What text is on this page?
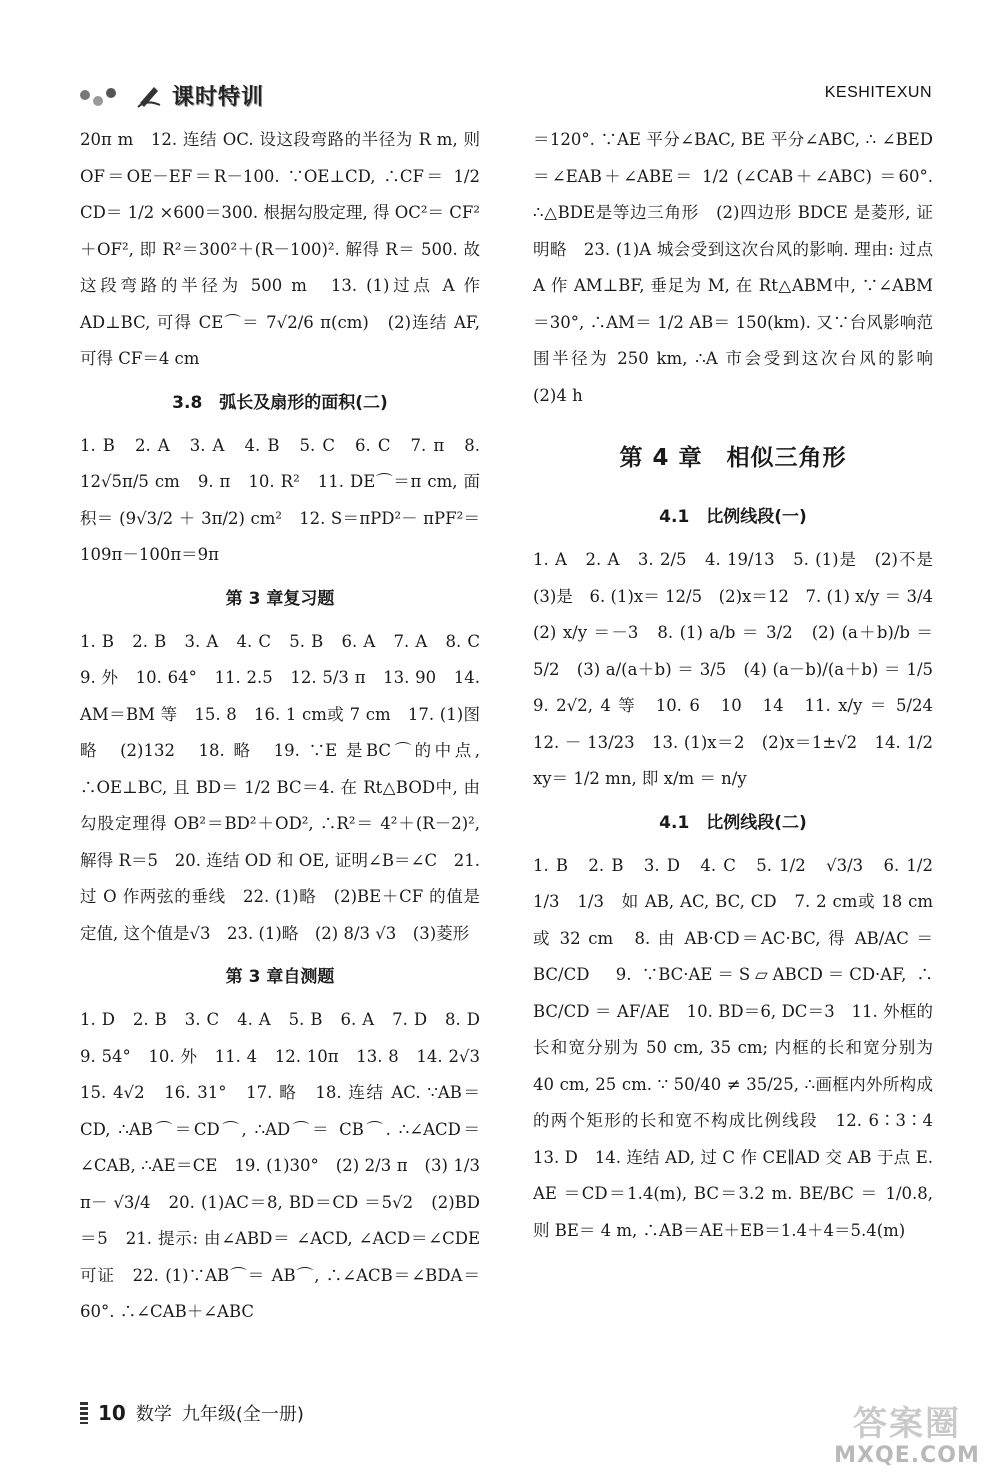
课时特训	KESHITEXUN

20π m　12. 连结 OC. 设这段弯路的半径为 R m, 则 OF＝OE－EF＝R－100. ∵OE⊥CD, ∴CF＝ 1/2 CD＝ 1/2 ×600＝300. 根据勾股定理, 得 OC²＝ CF²＋OF², 即 R²＝300²＋(R－100)². 解得 R＝ 500. 故这段弯路的半径为 500 m　13. (1)过点 A 作 AD⊥BC, 可得 CE⌒＝ 7√2/6 π(cm)　(2)连结 AF, 可得 CF＝4 cm

3.8　弧长及扇形的面积(二)

1. B　2. A　3. A　4. B　5. C　6. C　7. π　8. 12√5π/5 cm　9. π　10. R²　11. DE⌒＝π cm, 面积＝ (9√3/2 ＋ 3π/2) cm²　12. S＝πPD²－ πPF²＝109π－100π＝9π

第 3 章复习题

1. B　2. B　3. A　4. C　5. B　6. A　7. A　8. C　9. 外　10. 64°　11. 2.5　12. 5/3 π　13. 90　14. AM＝BM 等　15. 8　16. 1 cm或 7 cm　17. (1)图略　(2)132　18. 略　19. ∵E 是BC⌒的中点, ∴OE⊥BC, 且 BD＝ 1/2 BC＝4. 在 Rt△BOD中, 由勾股定理得 OB²＝BD²＋OD², ∴R²＝ 4²＋(R－2)², 解得 R＝5　20. 连结 OD 和 OE, 证明∠B＝∠C　21. 过 O 作两弦的垂线　22. (1)略　(2)BE＋CF 的值是定值, 这个值是√3　23. (1)略　(2) 8/3 √3　(3)菱形

第 3 章自测题

1. D　2. B　3. C　4. A　5. B　6. A　7. D　8. D　9. 54°　10. 外　11. 4　12. 10π　13. 8　14. 2√3　15. 4√2　16. 31°　17. 略　18. 连结 AC. ∵AB＝CD, ∴AB⌒＝CD⌒, ∴AD⌒＝ CB⌒. ∴∠ACD＝∠CAB, ∴AE＝CE　19. (1)30°　(2) 2/3 π　(3) 1/3 π－ √3/4　20. (1)AC＝8, BD＝CD ＝5√2　(2)BD＝5　21. 提示: 由∠ABD＝ ∠ACD, ∠ACD＝∠CDE 可证　22. (1)∵AB⌒＝ AB⌒, ∴∠ACB＝∠BDA＝60°. ∴∠CAB＋∠ABC

＝120°. ∵AE 平分∠BAC, BE 平分∠ABC, ∴ ∠BED＝∠EAB＋∠ABE＝ 1/2 (∠CAB＋∠ABC) ＝60°. ∴△BDE是等边三角形　(2)四边形 BDCE 是菱形, 证明略　23. (1)A 城会受到这次台风的影响. 理由: 过点 A 作 AM⊥BF, 垂足为 M, 在 Rt△ABM中, ∵∠ABM＝30°, ∴AM＝ 1/2 AB＝ 150(km). 又∵台风影响范围半径为 250 km, ∴A 市会受到这次台风的影响　(2)4 h

第 4 章　相似三角形
4.1　比例线段(一)

1. A　2. A　3. 2/5　4. 19/13　5. (1)是　(2)不是　(3)是　6. (1)x＝ 12/5　(2)x＝12　7. (1) x/y ＝ 3/4　(2) x/y ＝－3　8. (1) a/b ＝ 3/2　(2) (a＋b)/b ＝ 5/2　(3) a/(a＋b) ＝ 3/5　(4) (a－b)/(a＋b) ＝ 1/5　9. 2√2, 4 等　10. 6　10　14　11. x/y ＝ 5/24　12. － 13/23　13. (1)x＝2　(2)x＝1±√2　14. 1/2 xy＝ 1/2 mn, 即 x/m ＝ n/y

4.1　比例线段(二)

1. B　2. B　3. D　4. C　5. 1/2　√3/3　6. 1/2　1/3　1/3　如 AB, AC, BC, CD　7. 2 cm或 18 cm或 32 cm　8. 由 AB·CD＝AC·BC, 得 AB/AC ＝ BC/CD　9. ∵BC·AE＝S▱ABCD＝CD·AF, ∴ BC/CD ＝ AF/AE　10. BD＝6, DC＝3　11. 外框的长和宽分别为 50 cm, 35 cm; 内框的长和宽分别为 40 cm, 25 cm. ∵ 50/40 ≠ 35/25, ∴画框内外所构成的两个矩形的长和宽不构成比例线段　12. 6∶3∶4　13. D　14. 连结 AD, 过 C 作 CE∥AD 交 AB 于点 E. AE ＝CD＝1.4(m), BC＝3.2 m. BE/BC ＝ 1/0.8, 则 BE＝ 4 m, ∴AB＝AE＋EB＝1.4＋4＝5.4(m)

10 数学 九年级(全一册)	答案圈
MXQE.COM
